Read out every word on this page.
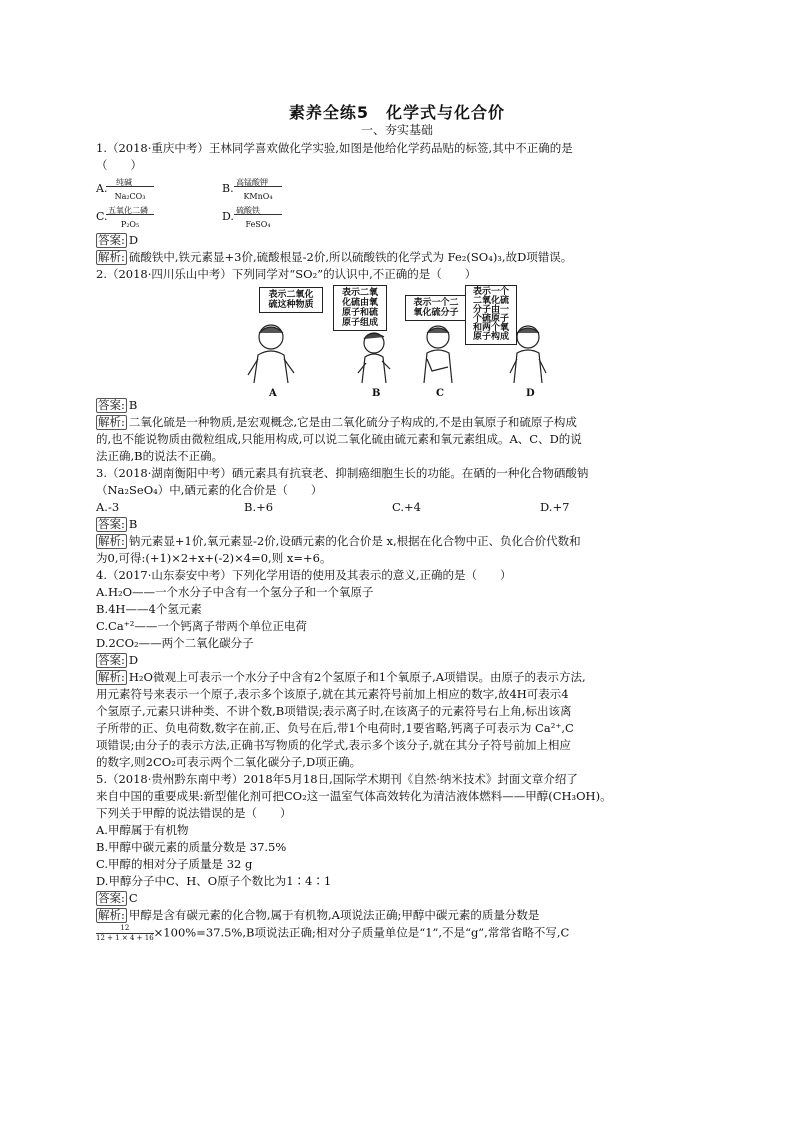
素养全练5　化学式与化合价
一、夯实基础
1.（2018·重庆中考）王林同学喜欢做化学实验,如图是他给化学药品贴的标签,其中不正确的是
（　　）
A. 纯碱
Na₂CO₃
B. 高锰酸钾
KMnO₄
C. 五氧化二磷
P₂O₅
D. 硫酸铁
FeSO₄
答案: D
解析: 硫酸铁中,铁元素显+3价,硫酸根显-2价,所以硫酸铁的化学式为 Fe₂(SO₄)₃,故D项错误。
2.（2018·四川乐山中考）下列同学对“SO₂”的认识中,不正确的是（　　）
表示二氧化
硫这种物质
表示二氧
化硫由氧
原子和硫
原子组成
表示一个二
氧化硫分子
表示一个
二氧化硫
分子由一
个硫原子
和两个氧
原子构成
A	B	C	D
答案: B
解析: 二氧化硫是一种物质,是宏观概念,它是由二氧化硫分子构成的,不是由氧原子和硫原子构成
的,也不能说物质由微粒组成,只能用构成,可以说二氧化硫由硫元素和氧元素组成。A、C、D的说
法正确,B的说法不正确。
3.（2018·湖南衡阳中考）硒元素具有抗衰老、抑制癌细胞生长的功能。在硒的一种化合物硒酸钠
（Na₂SeO₄）中,硒元素的化合价是（　　）
A.-3	B.+6	C.+4	D.+7
答案: B
解析: 钠元素显+1价,氧元素显-2价,设硒元素的化合价是 x,根据在化合物中正、负化合价代数和
为0,可得:(+1)×2+x+(-2)×4=0,则 x=+6。
4.（2017·山东泰安中考）下列化学用语的使用及其表示的意义,正确的是（　　）
A.H₂O——一个水分子中含有一个氢分子和一个氧原子
B.4H——4个氢元素
C.Ca⁺²——一个钙离子带两个单位正电荷
D.2CO₂——两个二氧化碳分子
答案: D
解析: H₂O微观上可表示一个水分子中含有2个氢原子和1个氧原子,A项错误。由原子的表示方法,
用元素符号来表示一个原子,表示多个该原子,就在其元素符号前加上相应的数字,故4H可表示4
个氢原子,元素只讲种类、不讲个数,B项错误;表示离子时,在该离子的元素符号右上角,标出该离
子所带的正、负电荷数,数字在前,正、负号在后,带1个电荷时,1要省略,钙离子可表示为 Ca²⁺,C
项错误;由分子的表示方法,正确书写物质的化学式,表示多个该分子,就在其分子符号前加上相应
的数字,则2CO₂可表示两个二氧化碳分子,D项正确。
5.（2018·贵州黔东南中考）2018年5月18日,国际学术期刊《自然·纳米技术》封面文章介绍了
来自中国的重要成果:新型催化剂可把CO₂这一温室气体高效转化为清洁液体燃料——甲醇(CH₃OH)。
下列关于甲醇的说法错误的是（　　）
A.甲醇属于有机物
B.甲醇中碳元素的质量分数是 37.5%
C.甲醇的相对分子质量是 32 g
D.甲醇分子中C、H、O原子个数比为1∶4∶1
答案: C
解析: 甲醇是含有碳元素的化合物,属于有机物,A项说法正确;甲醇中碳元素的质量分数是
$\frac{12}{12 + 1 \times 4 + 16} \times 100\%=37.5\%,B$项说法正确;相对分子质量单位是“1”,不是“g”,常常省略不写,C
